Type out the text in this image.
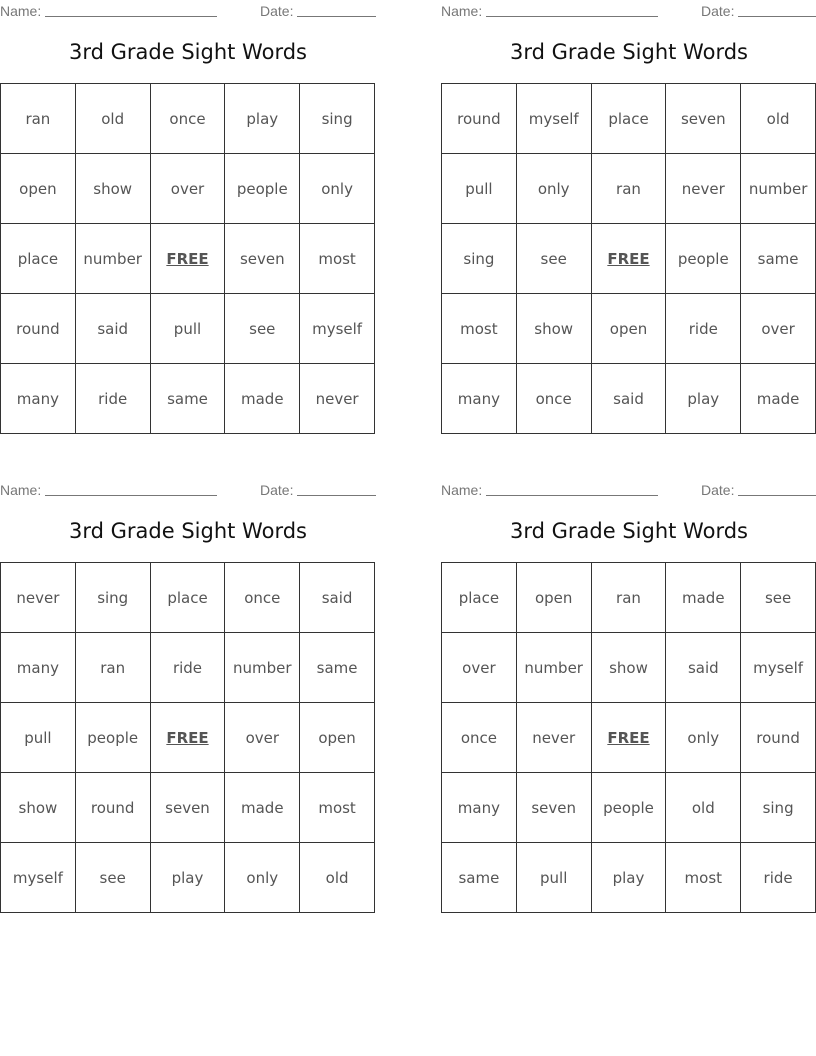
Name:	Date:
3rd Grade Sight Words
ran	old	once	play	sing
open	show	over	people	only
place	number	FREE	seven	most
round	said	pull	see	myself
many	ride	same	made	never
Name:	Date:
3rd Grade Sight Words
round	myself	place	seven	old
pull	only	ran	never	number
sing	see	FREE	people	same
most	show	open	ride	over
many	once	said	play	made
Name:	Date:
3rd Grade Sight Words
never	sing	place	once	said
many	ran	ride	number	same
pull	people	FREE	over	open
show	round	seven	made	most
myself	see	play	only	old
Name:	Date:
3rd Grade Sight Words
place	open	ran	made	see
over	number	show	said	myself
once	never	FREE	only	round
many	seven	people	old	sing
same	pull	play	most	ride
